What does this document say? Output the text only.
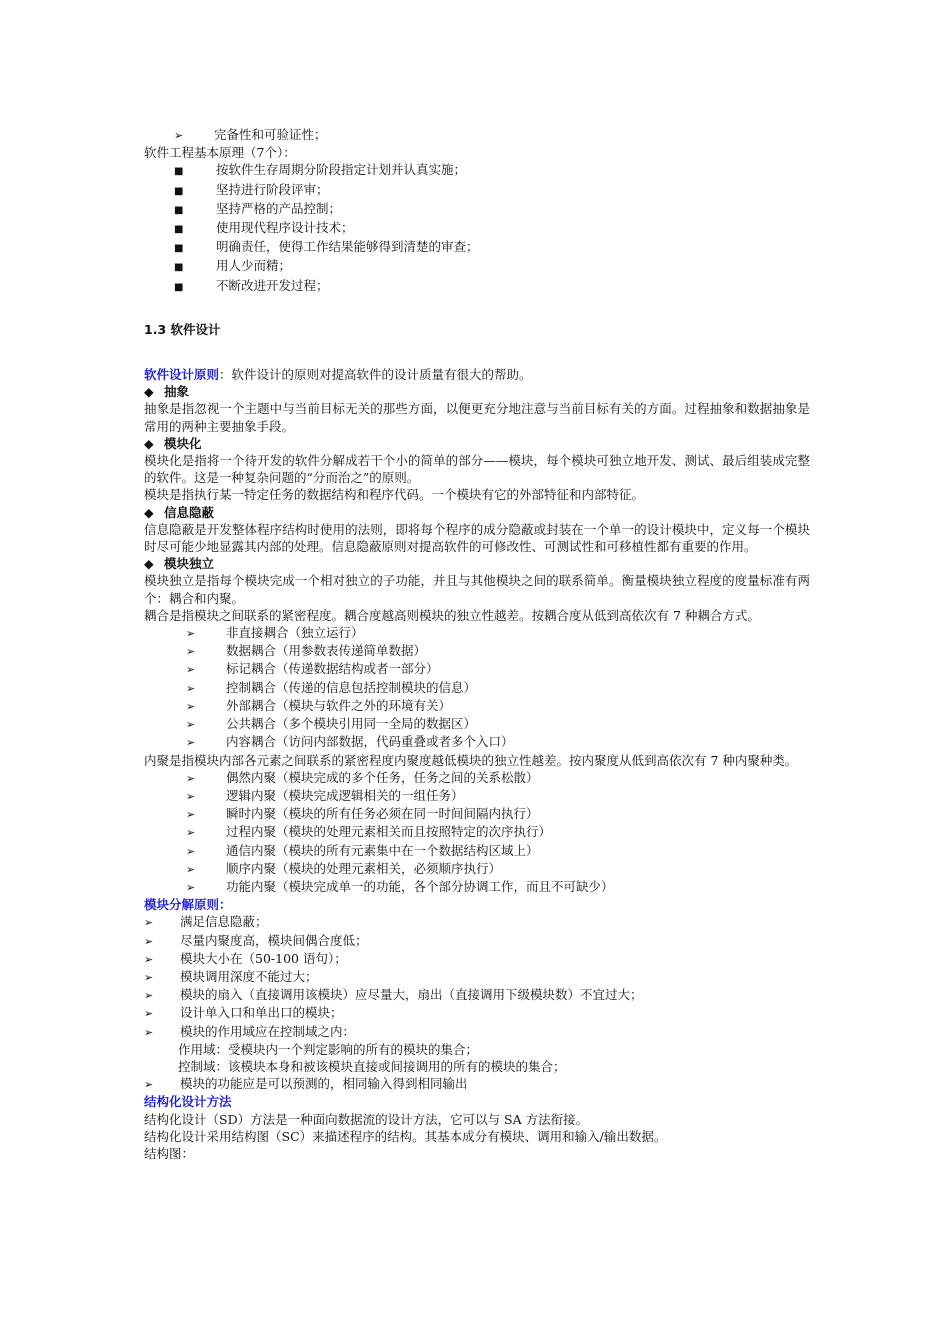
➢ 完备性和可验证性；
软件工程基本原理（7个）：
■	按软件生存周期分阶段指定计划并认真实施；
■	坚持进行阶段评审；
■	坚持严格的产品控制；
■	使用现代程序设计技术；
■	明确责任，使得工作结果能够得到清楚的审查；
■	用人少而精；
■	不断改进开发过程；
1.3 软件设计
软件设计原则：软件设计的原则对提高软件的设计质量有很大的帮助。
◆ 抽象
抽象是指忽视一个主题中与当前目标无关的那些方面，以便更充分地注意与当前目标有关的方面。过程抽象和数据抽象是常用的两种主要抽象手段。
◆ 模块化
模块化是指将一个待开发的软件分解成若干个小的简单的部分——模块，每个模块可独立地开发、测试、最后组装成完整的软件。这是一种复杂问题的“分而治之”的原则。
模块是指执行某一特定任务的数据结构和程序代码。一个模块有它的外部特征和内部特征。
◆ 信息隐蔽
信息隐蔽是开发整体程序结构时使用的法则，即将每个程序的成分隐蔽或封装在一个单一的设计模块中，定义每一个模块时尽可能少地显露其内部的处理。信息隐蔽原则对提高软件的可修改性、可测试性和可移植性都有重要的作用。
◆ 模块独立
模块独立是指每个模块完成一个相对独立的子功能，并且与其他模块之间的联系简单。衡量模块独立程度的度量标准有两个：耦合和内聚。
耦合是指模块之间联系的紧密程度。耦合度越高则模块的独立性越差。按耦合度从低到高依次有 7 种耦合方式。
➢ 非直接耦合（独立运行）
➢ 数据耦合（用参数表传递简单数据）
➢ 标记耦合（传递数据结构或者一部分）
➢ 控制耦合（传递的信息包括控制模块的信息）
➢ 外部耦合（模块与软件之外的环境有关）
➢ 公共耦合（多个模块引用同一全局的数据区）
➢ 内容耦合（访问内部数据，代码重叠或者多个入口）
内聚是指模块内部各元素之间联系的紧密程度内聚度越低模块的独立性越差。按内聚度从低到高依次有 7 种内聚种类。
➢ 偶然内聚（模块完成的多个任务，任务之间的关系松散）
➢ 逻辑内聚（模块完成逻辑相关的一组任务）
➢ 瞬时内聚（模块的所有任务必须在同一时间间隔内执行）
➢ 过程内聚（模块的处理元素相关而且按照特定的次序执行）
➢ 通信内聚（模块的所有元素集中在一个数据结构区域上）
➢ 顺序内聚（模块的处理元素相关，必须顺序执行）
➢ 功能内聚（模块完成单一的功能，各个部分协调工作，而且不可缺少）
模块分解原则：
➢ 满足信息隐蔽；
➢ 尽量内聚度高，模块间偶合度低；
➢ 模块大小在（50-100 语句）；
➢ 模块调用深度不能过大；
➢ 模块的扇入（直接调用该模块）应尽量大，扇出（直接调用下级模块数）不宜过大；
➢ 设计单入口和单出口的模块；
➢ 模块的作用域应在控制域之内：
作用域：受模块内一个判定影响的所有的模块的集合；
控制域：该模块本身和被该模块直接或间接调用的所有的模块的集合；
➢ 模块的功能应是可以预测的，相同输入得到相同输出
结构化设计方法
结构化设计（SD）方法是一种面向数据流的设计方法，它可以与 SA 方法衔接。
结构化设计采用结构图（SC）来描述程序的结构。其基本成分有模块、调用和输入/输出数据。
结构图：
